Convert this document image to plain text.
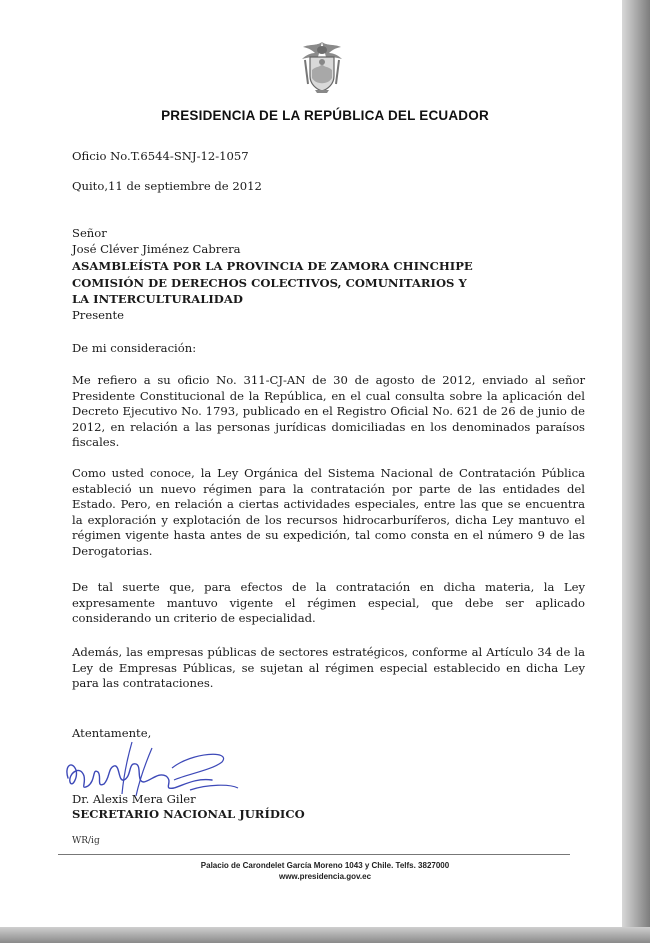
PRESIDENCIA DE LA REPÚBLICA DEL ECUADOR
Oficio No.T.6544-SNJ-12-1057
Quito,11 de septiembre de 2012
Señor
José Cléver Jiménez Cabrera
ASAMBLEÍSTA POR LA PROVINCIA DE ZAMORA CHINCHIPE
COMISIÓN DE DERECHOS COLECTIVOS, COMUNITARIOS Y
LA INTERCULTURALIDAD
Presente
De mi consideración:
Me refiero a su oficio No. 311-CJ-AN de 30 de agosto de 2012, enviado al señor Presidente Constitucional de la República, en el cual consulta sobre la aplicación del Decreto Ejecutivo No. 1793, publicado en el Registro Oficial No. 621 de 26 de junio de 2012, en relación a las personas jurídicas domiciliadas en los denominados paraísos fiscales.
Como usted conoce, la Ley Orgánica del Sistema Nacional de Contratación Pública estableció un nuevo régimen para la contratación por parte de las entidades del Estado. Pero, en relación a ciertas actividades especiales, entre las que se encuentra la exploración y explotación de los recursos hidrocarburíferos, dicha Ley mantuvo el régimen vigente hasta antes de su expedición, tal como consta en el número 9 de las Derogatorias.
De tal suerte que, para efectos de la contratación en dicha materia, la Ley expresamente mantuvo vigente el régimen especial, que debe ser aplicado considerando un criterio de especialidad.
Además, las empresas públicas de sectores estratégicos, conforme al Artículo 34 de la Ley de Empresas Públicas, se sujetan al régimen especial establecido en dicha Ley para las contrataciones.
Atentamente,
Dr. Alexis Mera Giler
SECRETARIO NACIONAL JURÍDICO
WR/ig
Palacio de Carondelet García Moreno 1043 y Chile. Telfs. 3827000
www.presidencia.gov.ec
